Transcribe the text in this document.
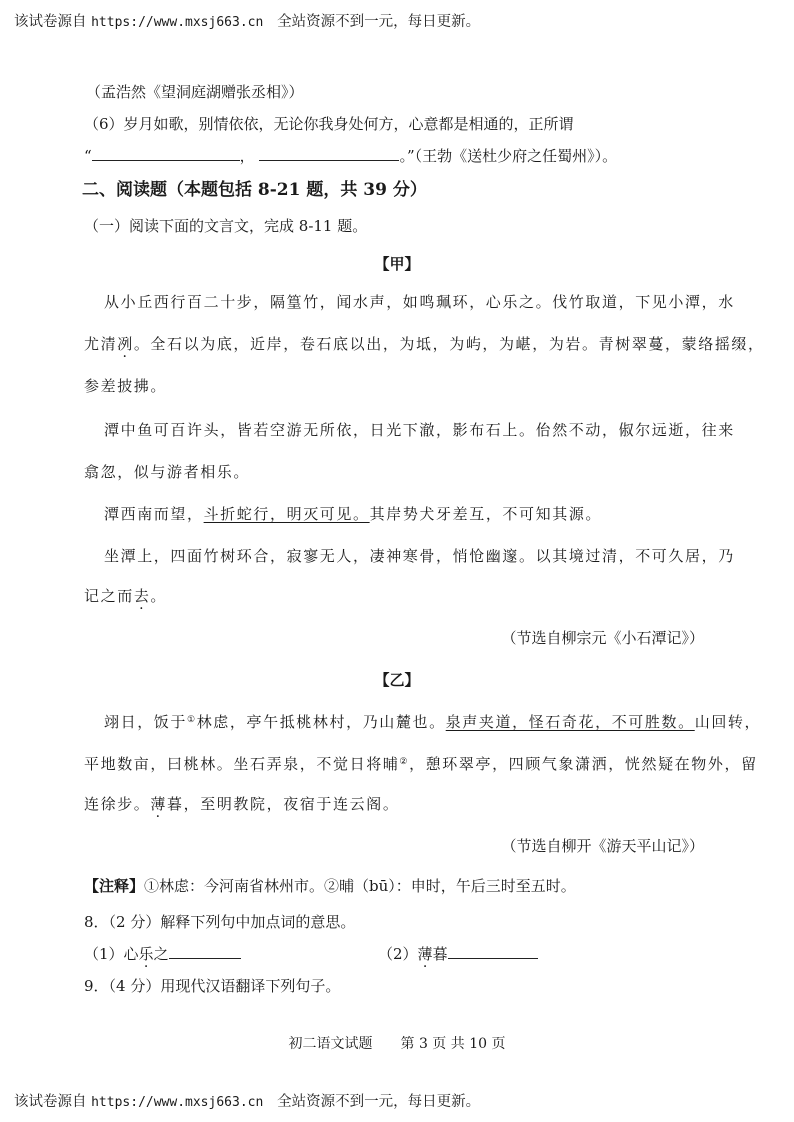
该试卷源自 https://www.mxsj663.cn 全站资源不到一元，每日更新。
（孟浩然《望洞庭湖赠张丞相》）
（6）岁月如歌，别情依依，无论你我身处何方，心意都是相通的，正所谓
“	，	。”（王勃《送杜少府之任蜀州》）。
二、阅读题（本题包括 8-21 题，共 39 分）
（一）阅读下面的文言文，完成 8-11 题。
【甲】
从小丘西行百二十步，隔篁竹，闻水声，如鸣珮环，心乐之。伐竹取道，下见小潭，水
尤清冽。全石以为底，近岸，卷石底以出，为坻，为屿，为嵁，为岩。青树翠蔓，蒙络摇缀，
参差披拂。
潭中鱼可百许头，皆若空游无所依，日光下澈，影布石上。佁然不动，俶尔远逝，往来
翕忽，似与游者相乐。
潭西南而望，斗折蛇行，明灭可见。其岸势犬牙差互，不可知其源。
坐潭上，四面竹树环合，寂寥无人，凄神寒骨，悄怆幽邃。以其境过清，不可久居，乃
记之而去。
（节选自柳宗元《小石潭记》）
【乙】
翊日，饭于①林虑，亭午抵桃林村，乃山麓也。泉声夹道，怪石奇花，不可胜数。山回转，
平地数亩，曰桃林。坐石弄泉，不觉日将晡②，憩环翠亭，四顾气象潇洒，恍然疑在物外，留
连徐步。薄暮，至明教院，夜宿于连云阁。
（节选自柳开《游天平山记》）
【注释】①林虑：今河南省林州市。②晡（bū）：申时，午后三时至五时。
8．（2 分）解释下列句中加点词的意思。
（1）心乐之	（2）薄暮
9．（4 分）用现代汉语翻译下列句子。
初二语文试题　　第 3 页 共 10 页
该试卷源自 https://www.mxsj663.cn 全站资源不到一元，每日更新。
